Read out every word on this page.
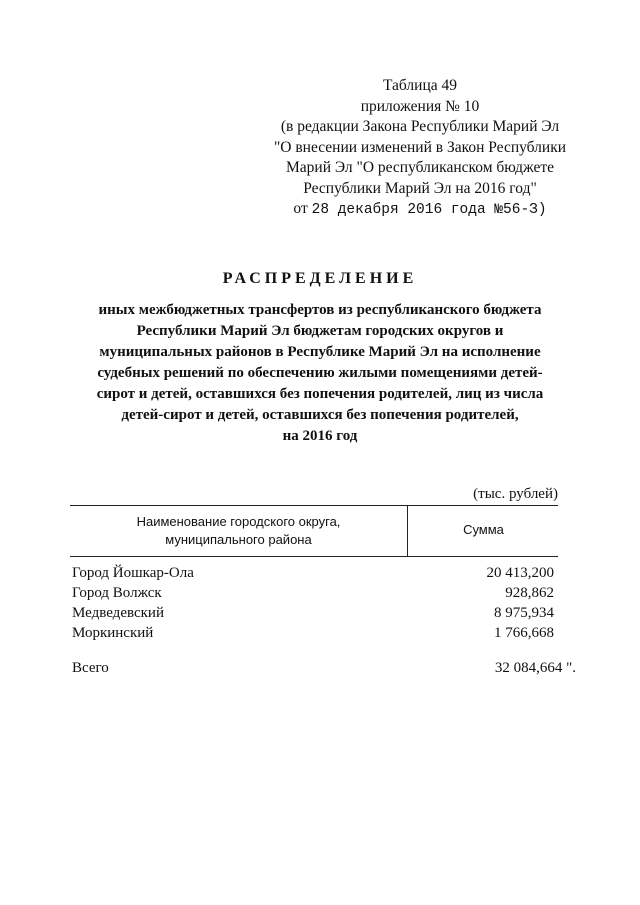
Таблица 49
приложения № 10
(в редакции Закона Республики Марий Эл
"О внесении изменений в Закон Республики
Марий Эл "О республиканском бюджете
Республики Марий Эл на 2016 год"
от 28 декабря 2016 года №56-З)
РАСПРЕДЕЛЕНИЕ
иных межбюджетных трансфертов из республиканского бюджета
Республики Марий Эл бюджетам городских округов и
муниципальных районов в Республике Марий Эл на исполнение
судебных решений по обеспечению жилыми помещениями детей-
сирот и детей, оставшихся без попечения родителей, лиц из числа
детей-сирот и детей, оставшихся без попечения родителей,
на 2016 год
(тыс. рублей)
Наименование городского округа,
муниципального района
Сумма
Город Йошкар-Ола	20 413,200
Город Волжск	928,862
Медведевский	8 975,934
Моркинский	1 766,668
Всего	32 084,664 ".
